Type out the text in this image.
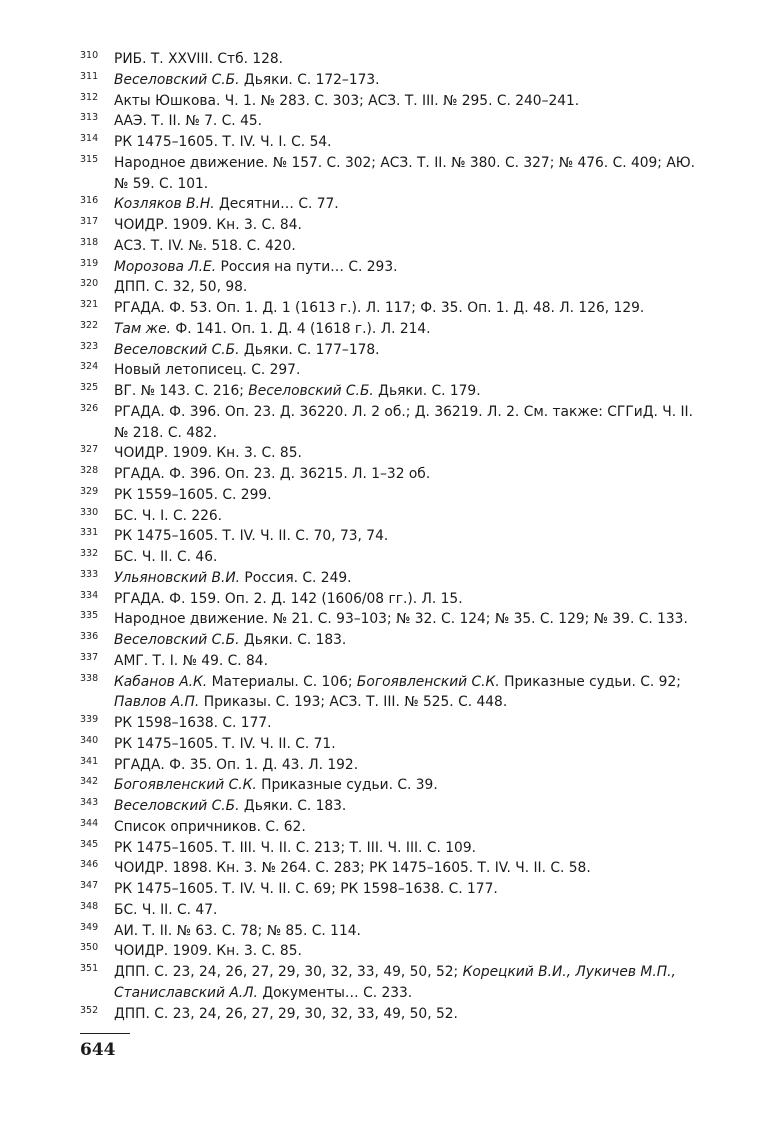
310	РИБ. Т. XXVIII. Стб. 128.
311	Веселовский С.Б. Дьяки. С. 172–173.
312	Акты Юшкова. Ч. 1. № 283. С. 303; АСЗ. Т. III. № 295. С. 240–241.
313	ААЭ. Т. II. № 7. С. 45.
314	РК 1475–1605. Т. IV. Ч. I. С. 54.
315	Народное движение. № 157. С. 302; АСЗ. Т. II. № 380. С. 327; № 476. С. 409; АЮ. № 59. С. 101.
316	Козляков В.Н. Десятни… С. 77.
317	ЧОИДР. 1909. Кн. 3. С. 84.
318	АСЗ. Т. IV. №. 518. С. 420.
319	Морозова Л.Е. Россия на пути… С. 293.
320	ДПП. С. 32, 50, 98.
321	РГАДА. Ф. 53. Оп. 1. Д. 1 (1613 г.). Л. 117; Ф. 35. Оп. 1. Д. 48. Л. 126, 129.
322	Там же. Ф. 141. Оп. 1. Д. 4 (1618 г.). Л. 214.
323	Веселовский С.Б. Дьяки. С. 177–178.
324	Новый летописец. С. 297.
325	ВГ. № 143. С. 216; Веселовский С.Б. Дьяки. С. 179.
326	РГАДА. Ф. 396. Оп. 23. Д. 36220. Л. 2 об.; Д. 36219. Л. 2. См. также: СГГиД. Ч. II. № 218. С. 482.
327	ЧОИДР. 1909. Кн. 3. С. 85.
328	РГАДА. Ф. 396. Оп. 23. Д. 36215. Л. 1–32 об.
329	РК 1559–1605. С. 299.
330	БС. Ч. I. С. 226.
331	РК 1475–1605. Т. IV. Ч. II. С. 70, 73, 74.
332	БС. Ч. II. С. 46.
333	Ульяновский В.И. Россия. С. 249.
334	РГАДА. Ф. 159. Оп. 2. Д. 142 (1606/08 гг.). Л. 15.
335	Народное движение. № 21. С. 93–103; № 32. С. 124; № 35. С. 129; № 39. С. 133.
336	Веселовский С.Б. Дьяки. С. 183.
337	АМГ. Т. I. № 49. С. 84.
338	Кабанов А.К. Материалы. С. 106; Богоявленский С.К. Приказные судьи. С. 92; Павлов А.П. Приказы. С. 193; АСЗ. Т. III. № 525. С. 448.
339	РК 1598–1638. С. 177.
340	РК 1475–1605. Т. IV. Ч. II. С. 71.
341	РГАДА. Ф. 35. Оп. 1. Д. 43. Л. 192.
342	Богоявленский С.К. Приказные судьи. С. 39.
343	Веселовский С.Б. Дьяки. С. 183.
344	Список опричников. С. 62.
345	РК 1475–1605. Т. III. Ч. II. С. 213; Т. III. Ч. III. С. 109.
346	ЧОИДР. 1898. Кн. 3. № 264. С. 283; РК 1475–1605. Т. IV. Ч. II. С. 58.
347	РК 1475–1605. Т. IV. Ч. II. С. 69; РК 1598–1638. С. 177.
348	БС. Ч. II. С. 47.
349	АИ. Т. II. № 63. С. 78; № 85. С. 114.
350	ЧОИДР. 1909. Кн. 3. С. 85.
351	ДПП. С. 23, 24, 26, 27, 29, 30, 32, 33, 49, 50, 52; Корецкий В.И., Лукичев М.П., Станиславский А.Л. Документы… С. 233.
352	ДПП. С. 23, 24, 26, 27, 29, 30, 32, 33, 49, 50, 52.
644
